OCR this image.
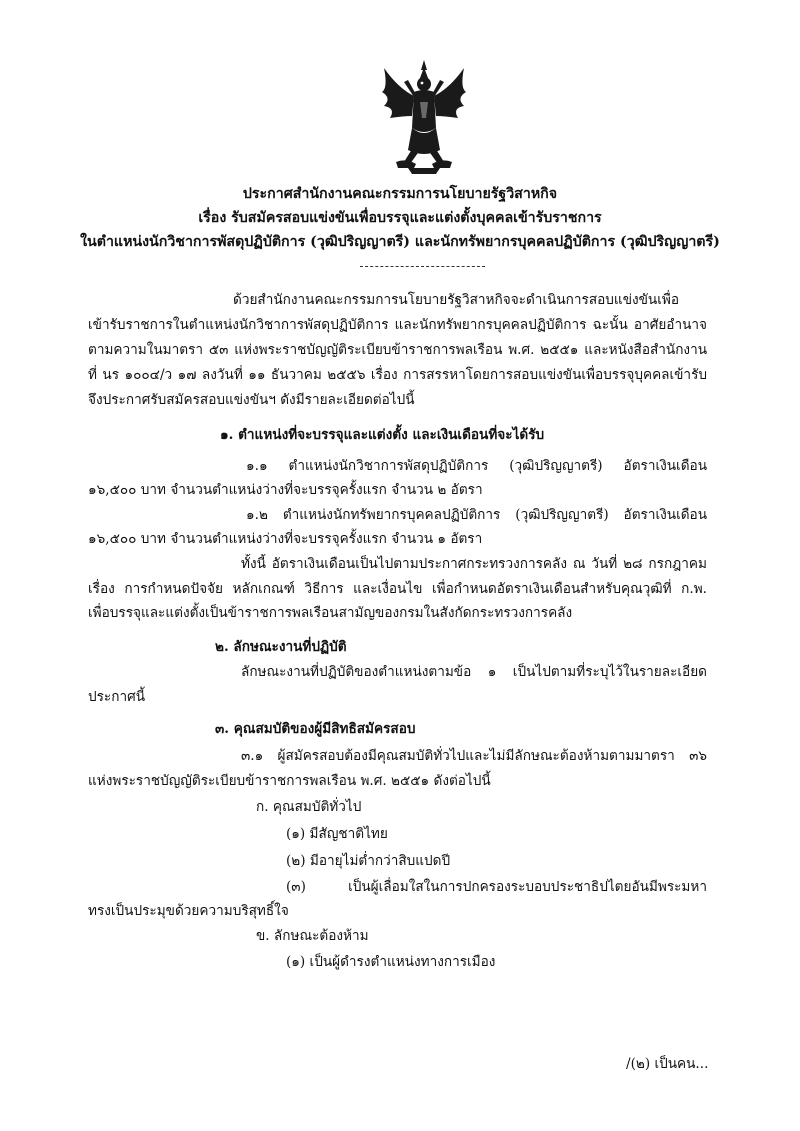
ประกาศสำนักงานคณะกรรมการนโยบายรัฐวิสาหกิจ
เรื่อง รับสมัครสอบแข่งขันเพื่อบรรจุและแต่งตั้งบุคคลเข้ารับราชการ
ในตำแหน่งนักวิชาการพัสดุปฏิบัติการ (วุฒิปริญญาตรี) และนักทรัพยากรบุคคลปฏิบัติการ (วุฒิปริญญาตรี)
ด้วยสำนักงานคณะกรรมการนโยบายรัฐวิสาหกิจจะดำเนินการสอบแข่งขันเพื่อ
เข้ารับราชการในตำแหน่งนักวิชาการพัสดุปฏิบัติการ และนักทรัพยากรบุคคลปฏิบัติการ ฉะนั้น อาศัยอำนาจ
ตามความในมาตรา ๕๓ แห่งพระราชบัญญัติระเบียบข้าราชการพลเรือน พ.ศ. ๒๕๕๑ และหนังสือสำนักงาน
ที่ นร ๑๐๐๔/ว ๑๗ ลงวันที่ ๑๑ ธันวาคม ๒๕๕๖ เรื่อง การสรรหาโดยการสอบแข่งขันเพื่อบรรจุบุคคลเข้ารับ
จึงประกาศรับสมัครสอบแข่งขันฯ ดังมีรายละเอียดต่อไปนี้
๑. ตำแหน่งที่จะบรรจุและแต่งตั้ง และเงินเดือนที่จะได้รับ
๑.๑ ตำแหน่งนักวิชาการพัสดุปฏิบัติการ (วุฒิปริญญาตรี) อัตราเงินเดือน
๑๖,๕๐๐ บาท จำนวนตำแหน่งว่างที่จะบรรจุครั้งแรก จำนวน ๒ อัตรา
๑.๒ ตำแหน่งนักทรัพยากรบุคคลปฏิบัติการ (วุฒิปริญญาตรี) อัตราเงินเดือน
๑๖,๕๐๐ บาท จำนวนตำแหน่งว่างที่จะบรรจุครั้งแรก จำนวน ๑ อัตรา
ทั้งนี้ อัตราเงินเดือนเป็นไปตามประกาศกระทรวงการคลัง ณ วันที่ ๒๘ กรกฎาคม
เรื่อง การกำหนดปัจจัย หลักเกณฑ์ วิธีการ และเงื่อนไข เพื่อกำหนดอัตราเงินเดือนสำหรับคุณวุฒิที่ ก.พ.
เพื่อบรรจุและแต่งตั้งเป็นข้าราชการพลเรือนสามัญของกรมในสังกัดกระทรวงการคลัง
๒. ลักษณะงานที่ปฏิบัติ
ลักษณะงานที่ปฏิบัติของตำแหน่งตามข้อ ๑ เป็นไปตามที่ระบุไว้ในรายละเอียด
ประกาศนี้
๓. คุณสมบัติของผู้มีสิทธิสมัครสอบ
๓.๑ ผู้สมัครสอบต้องมีคุณสมบัติทั่วไปและไม่มีลักษณะต้องห้ามตามมาตรา ๓๖
แห่งพระราชบัญญัติระเบียบข้าราชการพลเรือน พ.ศ. ๒๕๕๑ ดังต่อไปนี้
ก. คุณสมบัติทั่วไป
(๑) มีสัญชาติไทย
(๒) มีอายุไม่ต่ำกว่าสิบแปดปี
(๓) เป็นผู้เลื่อมใสในการปกครองระบอบประชาธิปไตยอันมีพระมหา
ทรงเป็นประมุขด้วยความบริสุทธิ์ใจ
ข. ลักษณะต้องห้าม
(๑) เป็นผู้ดำรงตำแหน่งทางการเมือง
/(๒) เป็นคน...
